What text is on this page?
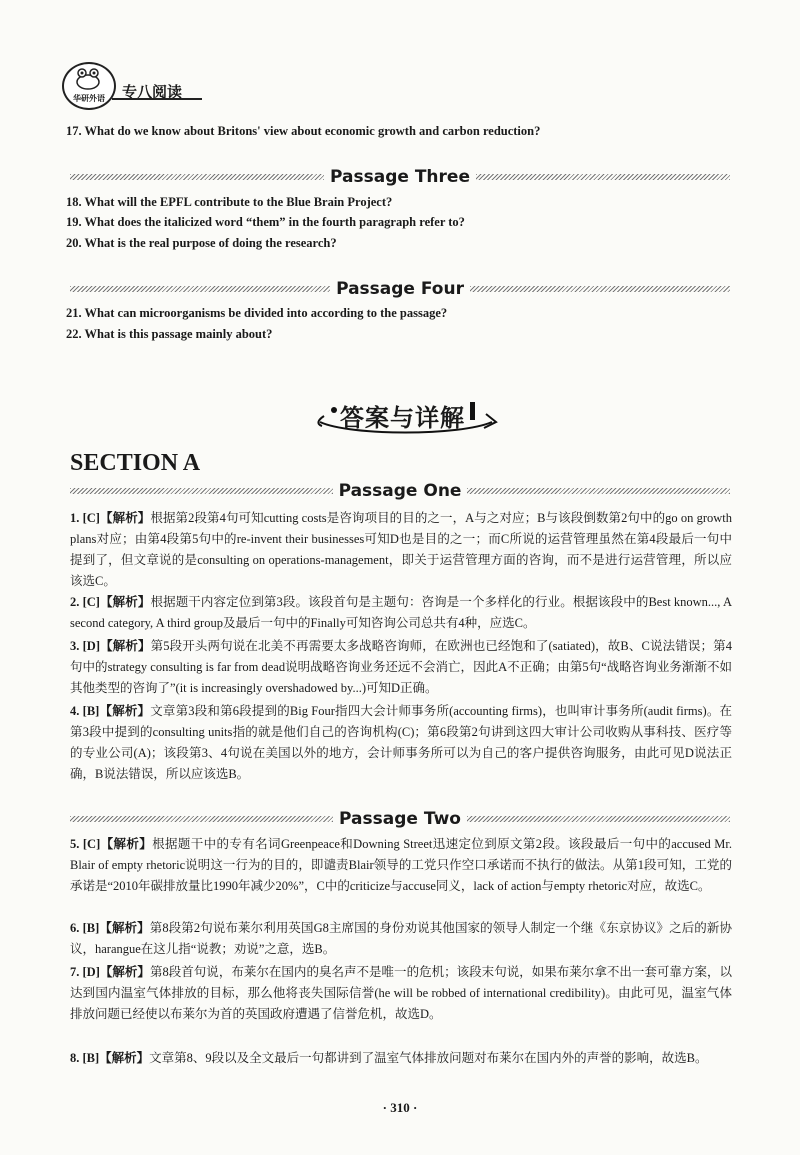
华研外语 专八阅读
17. What do we know about Britons' view about economic growth and carbon reduction?
Passage Three
18. What will the EPFL contribute to the Blue Brain Project?
19. What does the italicized word “them” in the fourth paragraph refer to?
20. What is the real purpose of doing the research?
Passage Four
21. What can microorganisms be divided into according to the passage?
22. What is this passage mainly about?
答案与详解
SECTION A
Passage One
1. [C]【解析】根据第2段第4句可知cutting costs是咨询项目的目的之一，A与之对应；B与该段倒数第2句中的go on growth plans对应；由第4段第5句中的re-invent their businesses可知D也是目的之一；而C所说的运营管理虽然在第4段最后一句中提到了，但文章说的是consulting on operations-management，即关于运营管理方面的咨询，而不是进行运营管理，所以应该选C。
2. [C]【解析】根据题干内容定位到第3段。该段首句是主题句：咨询是一个多样化的行业。根据该段中的Best known..., A second category, A third group及最后一句中的Finally可知咨询公司总共有4种，应选C。
3. [D]【解析】第5段开头两句说在北美不再需要太多战略咨询师，在欧洲也已经饱和了(satiated)，故B、C说法错误；第4句中的strategy consulting is far from dead说明战略咨询业务还远不会消亡，因此A不正确；由第5句“战略咨询业务渐渐不如其他类型的咨询了”(it is increasingly overshadowed by...)可知D正确。
4. [B]【解析】文章第3段和第6段提到的Big Four指四大会计师事务所(accounting firms)，也叫审计事务所(audit firms)。在第3段中提到的consulting units指的就是他们自己的咨询机构(C)；第6段第2句讲到这四大审计公司收购从事科技、医疗等的专业公司(A)；该段第3、4句说在美国以外的地方，会计师事务所可以为自己的客户提供咨询服务，由此可见D说法正确，B说法错误，所以应该选B。
Passage Two
5. [C]【解析】根据题干中的专有名词Greenpeace和Downing Street迅速定位到原文第2段。该段最后一句中的accused Mr. Blair of empty rhetoric说明这一行为的目的，即谴责Blair领导的工党只作空口承诺而不执行的做法。从第1段可知，工党的承诺是“2010年碳排放量比1990年减少20%”，C中的criticize与accuse同义，lack of action与empty rhetoric对应，故选C。
6. [B]【解析】第8段第2句说布莱尔利用英国G8主席国的身份劝说其他国家的领导人制定一个继《东京协议》之后的新协议，harangue在这儿指“说教；劝说”之意，选B。
7. [D]【解析】第8段首句说，布莱尔在国内的臭名声不是唯一的危机；该段末句说，如果布莱尔拿不出一套可靠方案，以达到国内温室气体排放的目标，那么他将丧失国际信誉(he will be robbed of international credibility)。由此可见，温室气体排放问题已经使以布莱尔为首的英国政府遭遇了信誉危机，故选D。
8. [B]【解析】文章第8、9段以及全文最后一句都讲到了温室气体排放问题对布莱尔在国内外的声誉的影响，故选B。
· 310 ·
